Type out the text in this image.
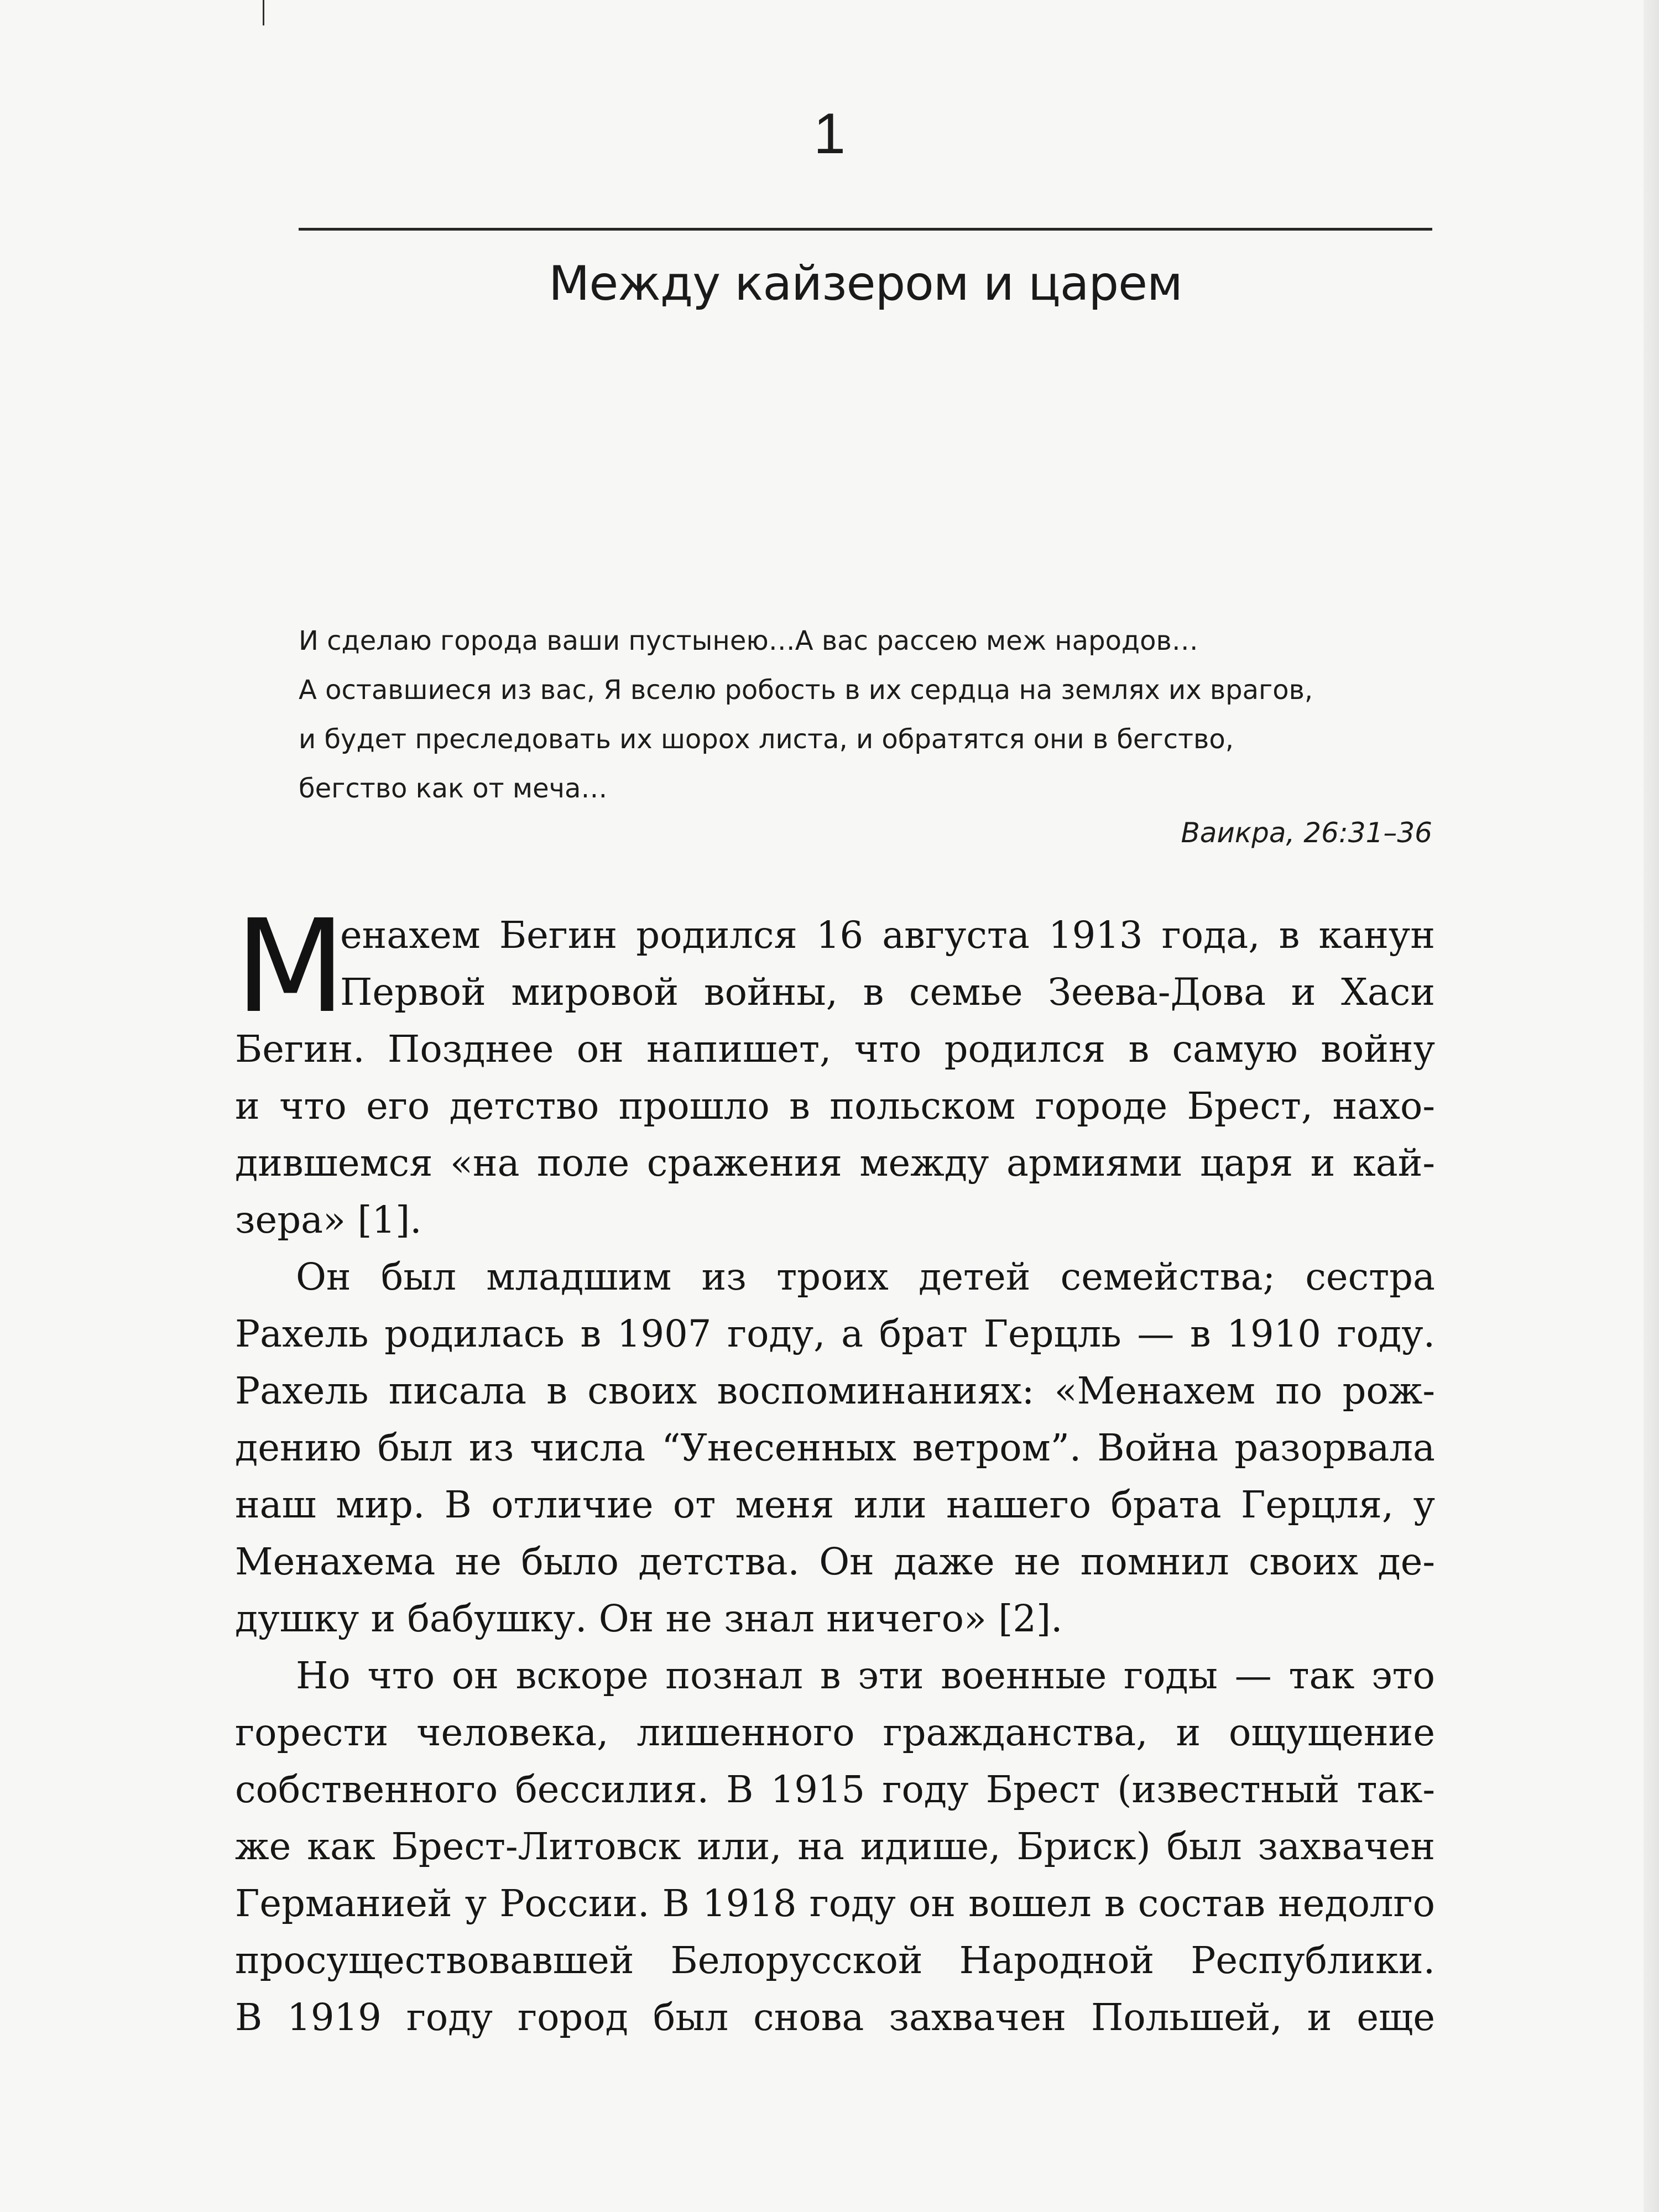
1
Между кайзером и царем
И сделаю города ваши пустынею…А вас рассею меж народов…
А оставшиеся из вас, Я вселю робость в их сердца на землях их врагов,
и будет преследовать их шорох листа, и обратятся они в бегство,
бегство как от меча…
Ваикра, 26:31–36
М
енахем Бегин родился 16 августа 1913 года, в канун
Первой мировой войны, в семье Зеева-Дова и Хаси
Бегин. Позднее он напишет, что родился в самую войну
и что его детство прошло в польском городе Брест, нахо-
дившемся «на поле сражения между армиями царя и кай-
зера» [1].
Он был младшим из троих детей семейства; сестра
Рахель родилась в 1907 году, а брат Герцль — в 1910 году.
Рахель писала в своих воспоминаниях: «Менахем по рож-
дению был из числа “Унесенных ветром”. Война разорвала
наш мир. В отличие от меня или нашего брата Герцля, у
Менахема не было детства. Он даже не помнил своих де-
душку и бабушку. Он не знал ничего» [2].
Но что он вскоре познал в эти военные годы — так это
горести человека, лишенного гражданства, и ощущение
собственного бессилия. В 1915 году Брест (известный так-
же как Брест-Литовск или, на идише, Бриск) был захвачен
Германией у России. В 1918 году он вошел в состав недолго
просуществовавшей Белорусской Народной Республики.
В 1919 году город был снова захвачен Польшей, и еще
